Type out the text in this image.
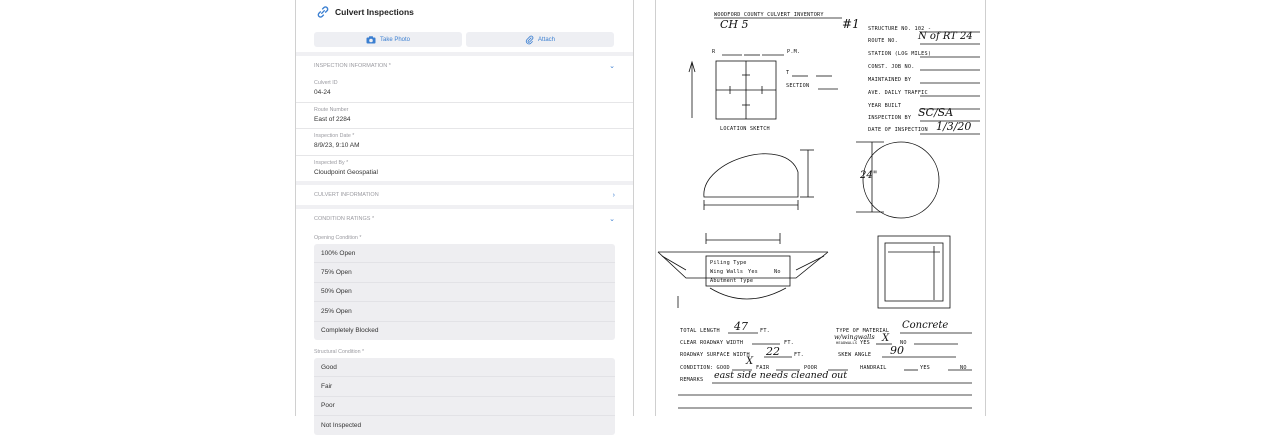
Culvert Inspections
Take Photo	Attach
INSPECTION INFORMATION *	⌄
Culvert ID
04-24
Route Number
East of 2284
Inspection Date *
8/9/23, 9:10 AM
Inspected By *
Cloudpoint Geospatial
CULVERT INFORMATION	›
CONDITION RATINGS *	⌄
Opening Condition *
100% Open
75% Open
50% Open
25% Open
Completely Blocked
Structural Condition *
Good
Fair
Poor
Not Inspected
WOODFORD COUNTY CULVERT INVENTORY
CH 5	#1 STRUCTURE NO. 102 -
ROUTE NO. N of RT 24
STATION (LOG MILES)
CONST. JOB NO.
MAINTAINED BY
AVE. DAILY TRAFFIC
YEAR BUILT
INSPECTION BY SC/SA
DATE OF INSPECTION 1/3/20
R	P.M.
T
SECTION
LOCATION SKETCH
24"
Piling Type
Wing Walls Yes	No
Abutment Type
TOTAL LENGTH 47 FT.	TYPE OF MATERIAL Concrete
w/wingwalls
CLEAR ROADWAY WIDTH	FT.	HEADWALLS YES X NO
ROADWAY SURFACE WIDTH 22	FT.	SKEW ANGLE 90
CONDITION: GOOD
X
FAIR	POOR	HANDRAIL	YES	NO
REMARKS east side needs cleaned out
